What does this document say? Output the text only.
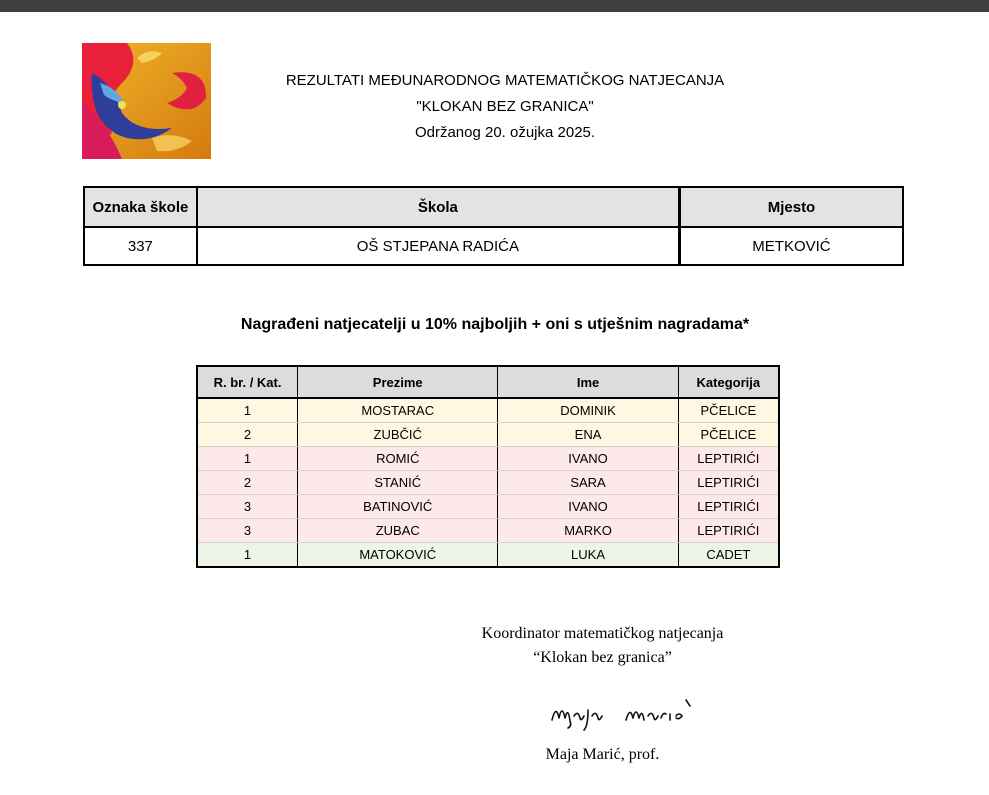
REZULTATI MEĐUNARODNOG MATEMATIČKOG NATJECANJA
"KLOKAN BEZ GRANICA"
Održanog 20. ožujka 2025.
Oznaka škole	Škola	Mjesto
337	OŠ STJEPANA RADIĆA	METKOVIĆ
Nagrađeni natjecatelji u 10% najboljih + oni s utješnim nagradama*
R. br. / Kat.	Prezime	Ime	Kategorija
1	MOSTARAC	DOMINIK	PČELICE
2	ZUBČIĆ	ENA	PČELICE
1	ROMIĆ	IVANO	LEPTIRIĆI
2	STANIĆ	SARA	LEPTIRIĆI
3	BATINOVIĆ	IVANO	LEPTIRIĆI
3	ZUBAC	MARKO	LEPTIRIĆI
1	MATOKOVIĆ	LUKA	CADET
Koordinator matematičkog natjecanja
“Klokan bez granica”
Maja Marić, prof.
